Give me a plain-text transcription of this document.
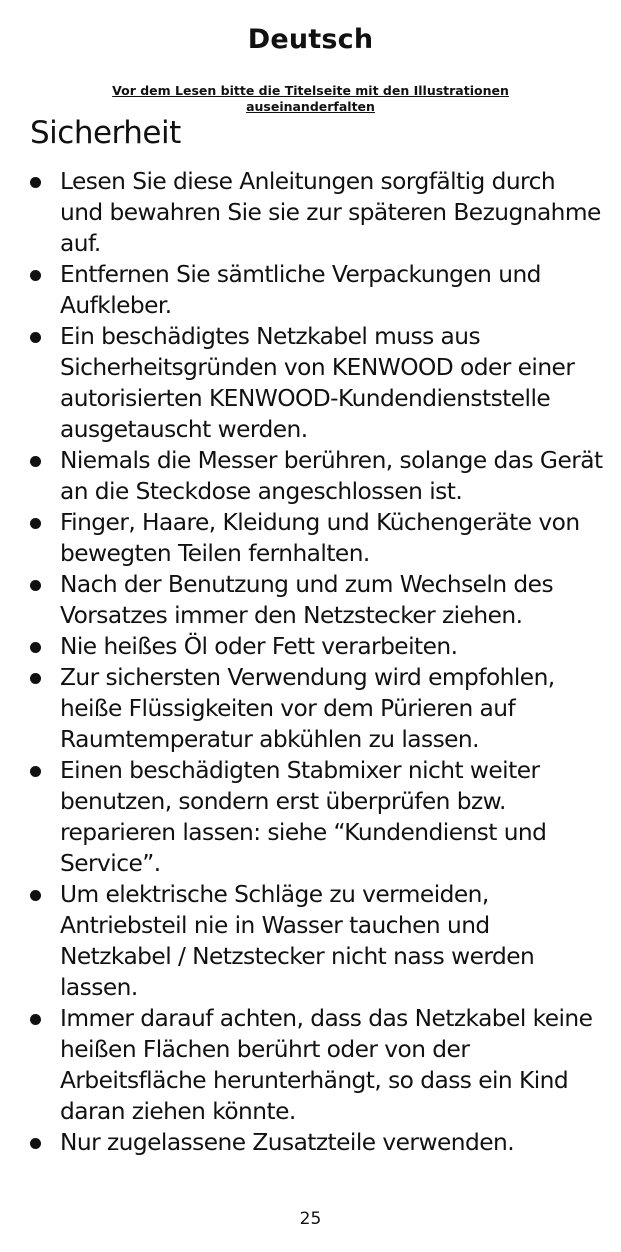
Deutsch
Vor dem Lesen bitte die Titelseite mit den Illustrationen auseinanderfalten
Sicherheit
Lesen Sie diese Anleitungen sorgfältig durch und bewahren Sie sie zur späteren Bezugnahme auf.
Entfernen Sie sämtliche Verpackungen und Aufkleber.
Ein beschädigtes Netzkabel muss aus Sicherheitsgründen von KENWOOD oder einer autorisierten KENWOOD-Kundendienststelle ausgetauscht werden.
Niemals die Messer berühren, solange das Gerät an die Steckdose angeschlossen ist.
Finger, Haare, Kleidung und Küchengeräte von bewegten Teilen fernhalten.
Nach der Benutzung und zum Wechseln des Vorsatzes immer den Netzstecker ziehen.
Nie heißes Öl oder Fett verarbeiten.
Zur sichersten Verwendung wird empfohlen, heiße Flüssigkeiten vor dem Pürieren auf Raumtemperatur abkühlen zu lassen.
Einen beschädigten Stabmixer nicht weiter benutzen, sondern erst überprüfen bzw. reparieren lassen: siehe “Kundendienst und Service”.
Um elektrische Schläge zu vermeiden, Antriebsteil nie in Wasser tauchen und Netzkabel / Netzstecker nicht nass werden lassen.
Immer darauf achten, dass das Netzkabel keine heißen Flächen berührt oder von der Arbeitsfläche herunterhängt, so dass ein Kind daran ziehen könnte.
Nur zugelassene Zusatzteile verwenden.
25
